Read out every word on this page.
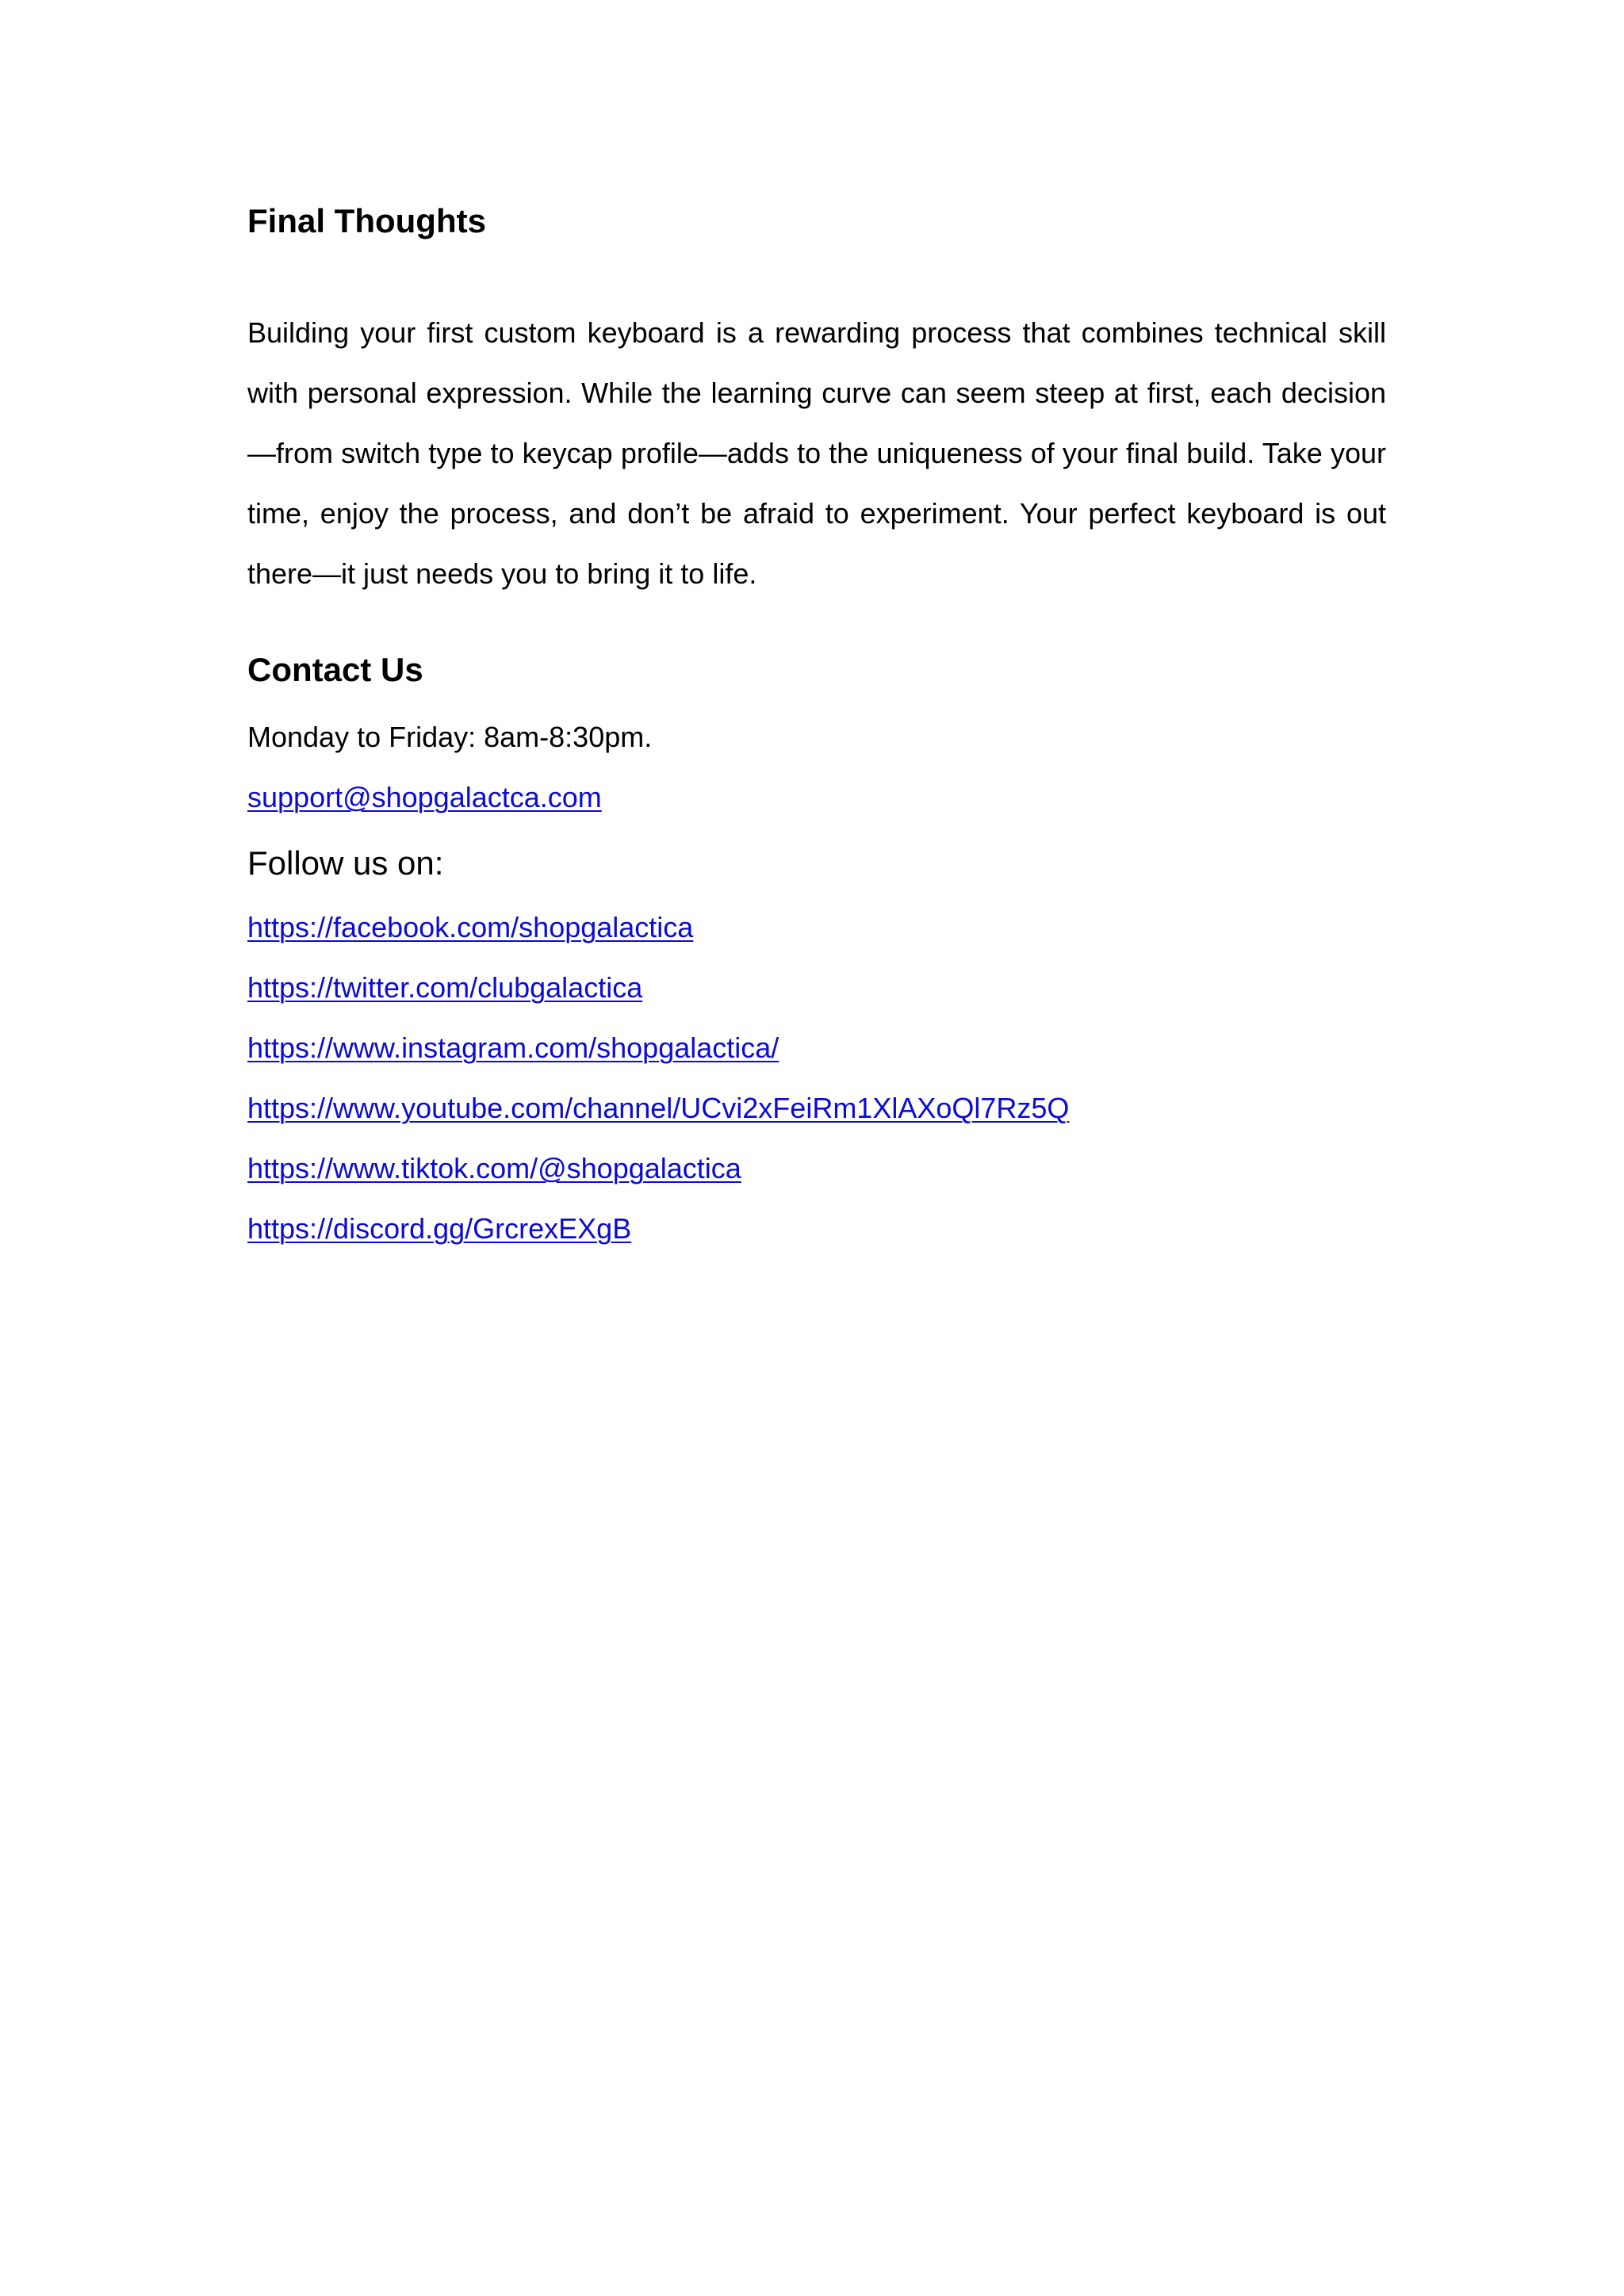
Final Thoughts

Building your first custom keyboard is a rewarding process that combines technical skill with personal expression. While the learning curve can seem steep at first, each decision—from switch type to keycap profile—adds to the uniqueness of your final build. Take your time, enjoy the process, and don’t be afraid to experiment. Your perfect keyboard is out there—it just needs you to bring it to life.

Contact Us
Monday to Friday: 8am-8:30pm.
support@shopgalactca.com
Follow us on:
https://facebook.com/shopgalactica
https://twitter.com/clubgalactica
https://www.instagram.com/shopgalactica/
https://www.youtube.com/channel/UCvi2xFeiRm1XlAXoQl7Rz5Q
https://www.tiktok.com/@shopgalactica
https://discord.gg/GrcrexEXgB
